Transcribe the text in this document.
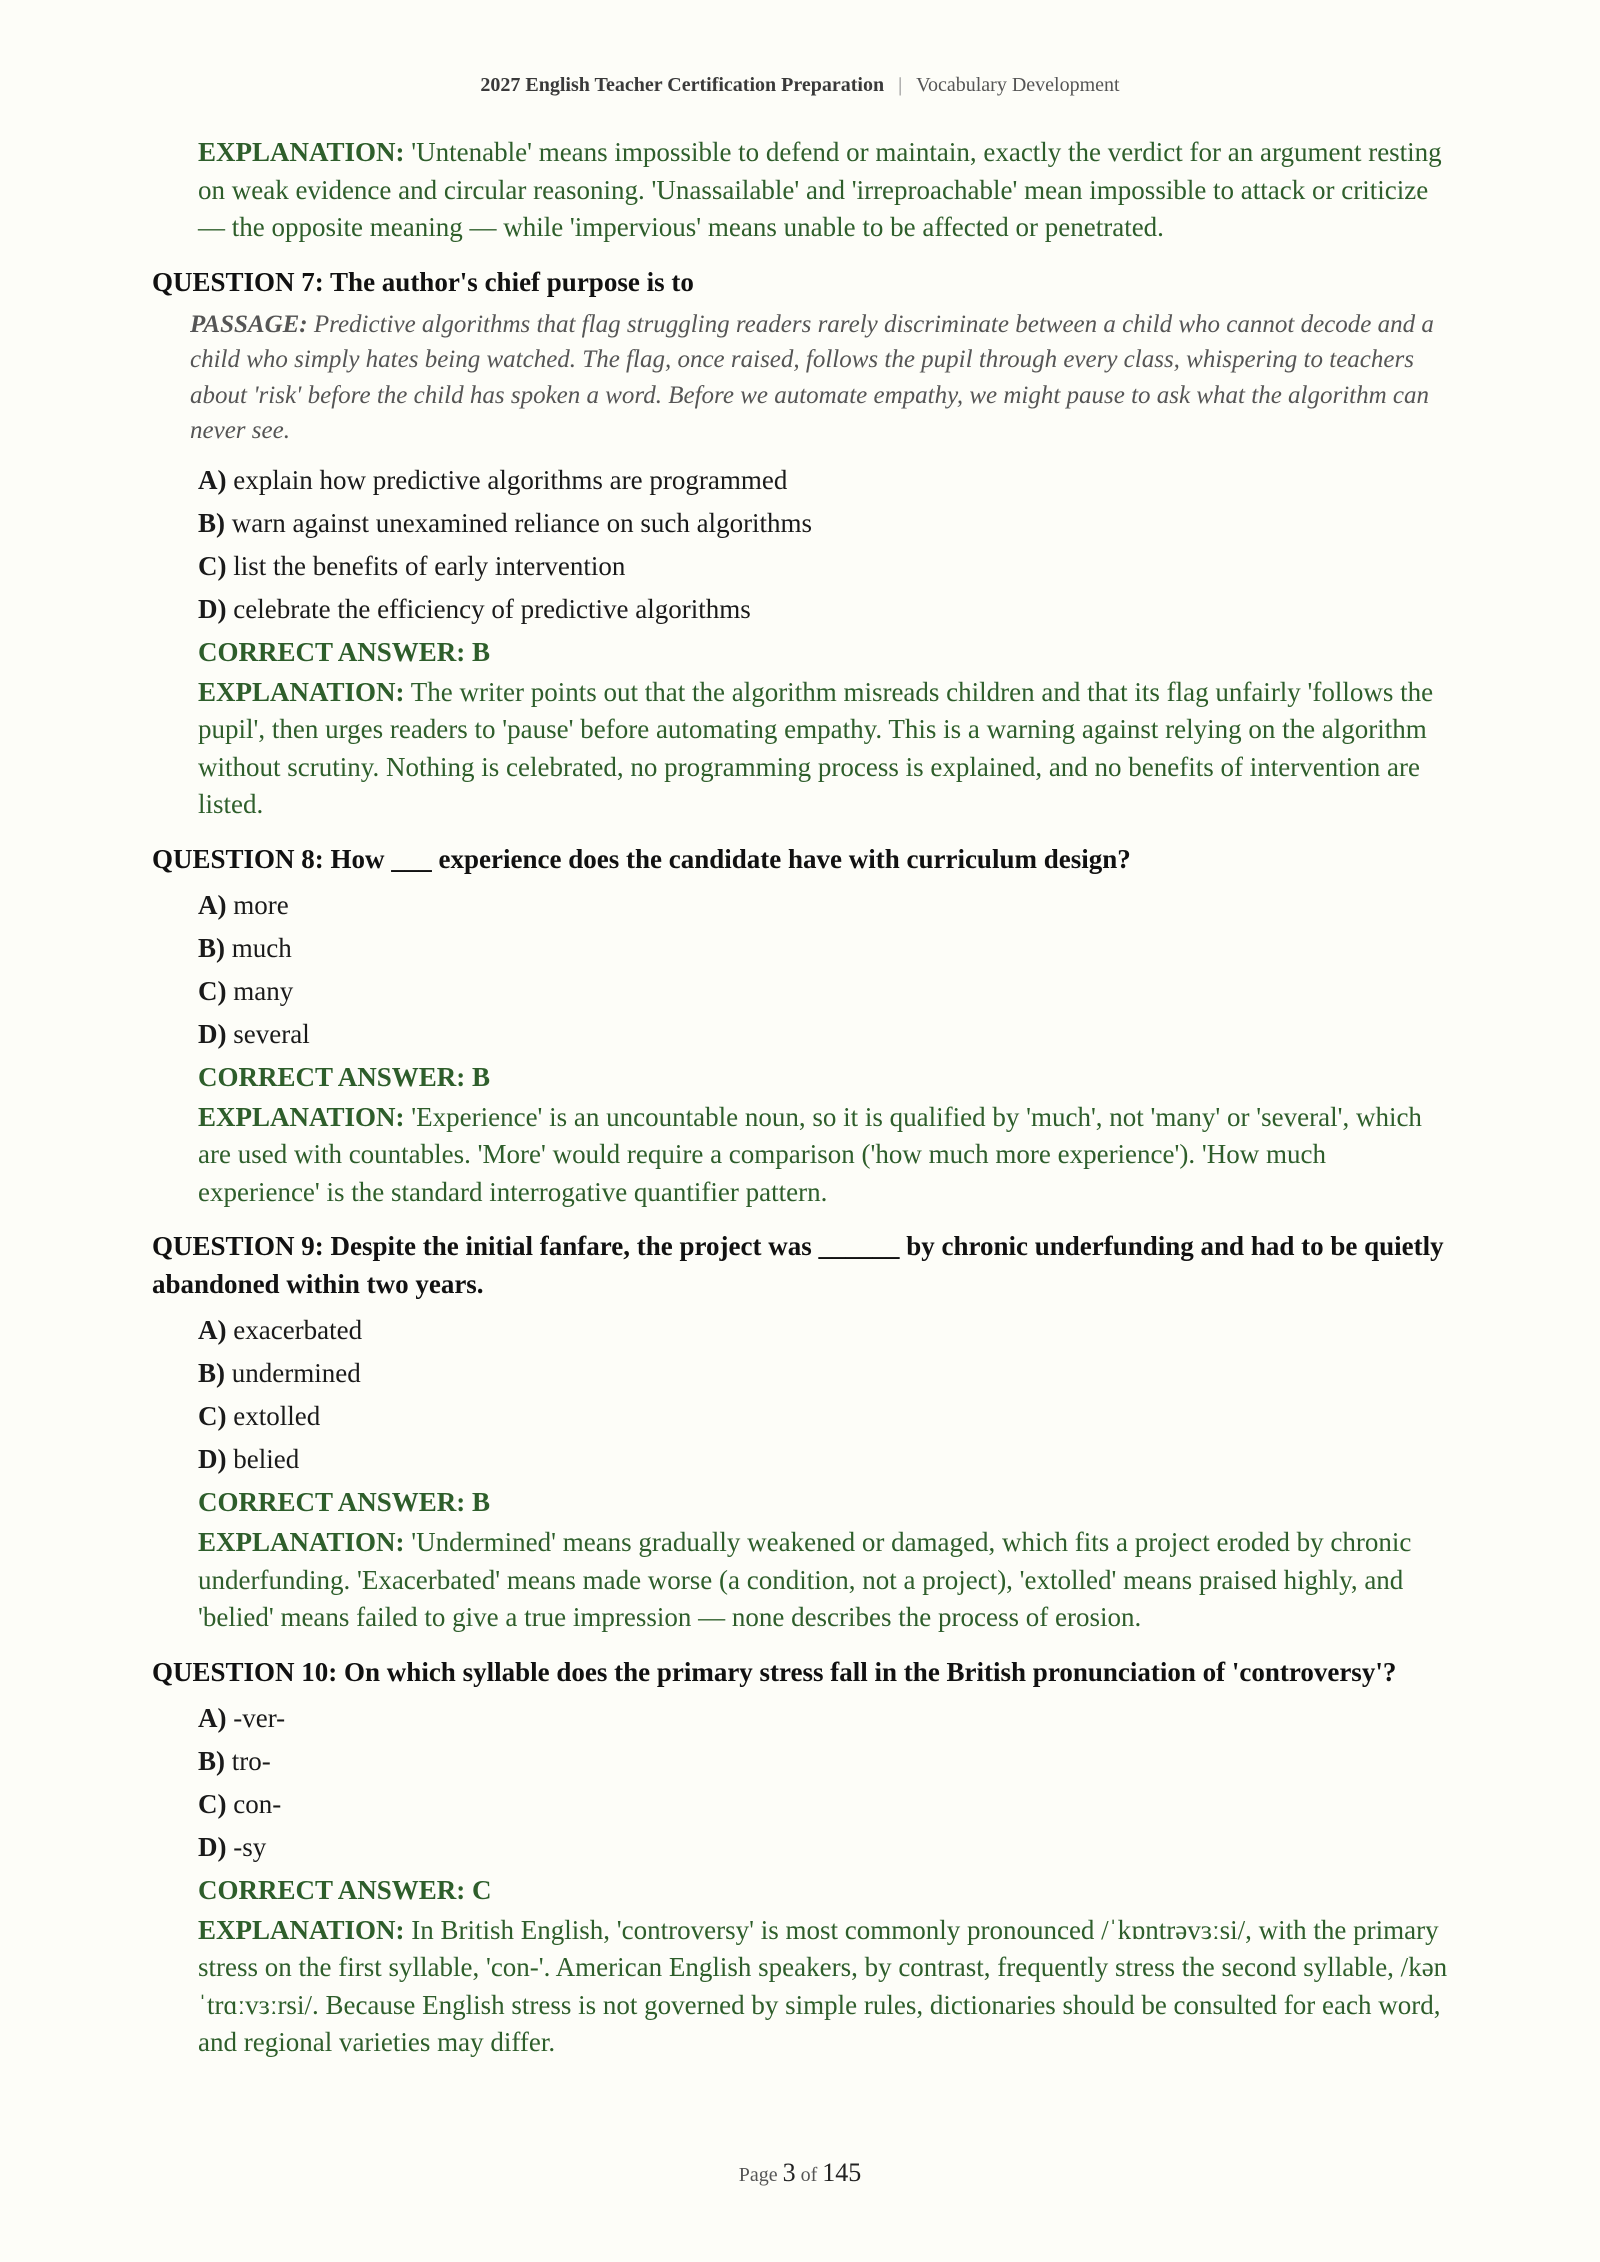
2027 English Teacher Certification Preparation | Vocabulary Development
EXPLANATION: 'Untenable' means impossible to defend or maintain, exactly the verdict for an argument resting on weak evidence and circular reasoning. 'Unassailable' and 'irreproachable' mean impossible to attack or criticize — the opposite meaning — while 'impervious' means unable to be affected or penetrated.
QUESTION 7: The author's chief purpose is to
PASSAGE: Predictive algorithms that flag struggling readers rarely discriminate between a child who cannot decode and a child who simply hates being watched. The flag, once raised, follows the pupil through every class, whispering to teachers about 'risk' before the child has spoken a word. Before we automate empathy, we might pause to ask what the algorithm can never see.
A) explain how predictive algorithms are programmed
B) warn against unexamined reliance on such algorithms
C) list the benefits of early intervention
D) celebrate the efficiency of predictive algorithms
CORRECT ANSWER: B
EXPLANATION: The writer points out that the algorithm misreads children and that its flag unfairly 'follows the pupil', then urges readers to 'pause' before automating empathy. This is a warning against relying on the algorithm without scrutiny. Nothing is celebrated, no programming process is explained, and no benefits of intervention are listed.
QUESTION 8: How ___ experience does the candidate have with curriculum design?
A) more
B) much
C) many
D) several
CORRECT ANSWER: B
EXPLANATION: 'Experience' is an uncountable noun, so it is qualified by 'much', not 'many' or 'several', which are used with countables. 'More' would require a comparison ('how much more experience'). 'How much experience' is the standard interrogative quantifier pattern.
QUESTION 9: Despite the initial fanfare, the project was ______ by chronic underfunding and had to be quietly abandoned within two years.
A) exacerbated
B) undermined
C) extolled
D) belied
CORRECT ANSWER: B
EXPLANATION: 'Undermined' means gradually weakened or damaged, which fits a project eroded by chronic underfunding. 'Exacerbated' means made worse (a condition, not a project), 'extolled' means praised highly, and 'belied' means failed to give a true impression — none describes the process of erosion.
QUESTION 10: On which syllable does the primary stress fall in the British pronunciation of 'controversy'?
A) -ver-
B) tro-
C) con-
D) -sy
CORRECT ANSWER: C
EXPLANATION: In British English, 'controversy' is most commonly pronounced /ˈkɒntrəvɜːsi/, with the primary stress on the first syllable, 'con-'. American English speakers, by contrast, frequently stress the second syllable, /kənˈtrɑːvɜːrsi/. Because English stress is not governed by simple rules, dictionaries should be consulted for each word, and regional varieties may differ.
Page 3 of 145
